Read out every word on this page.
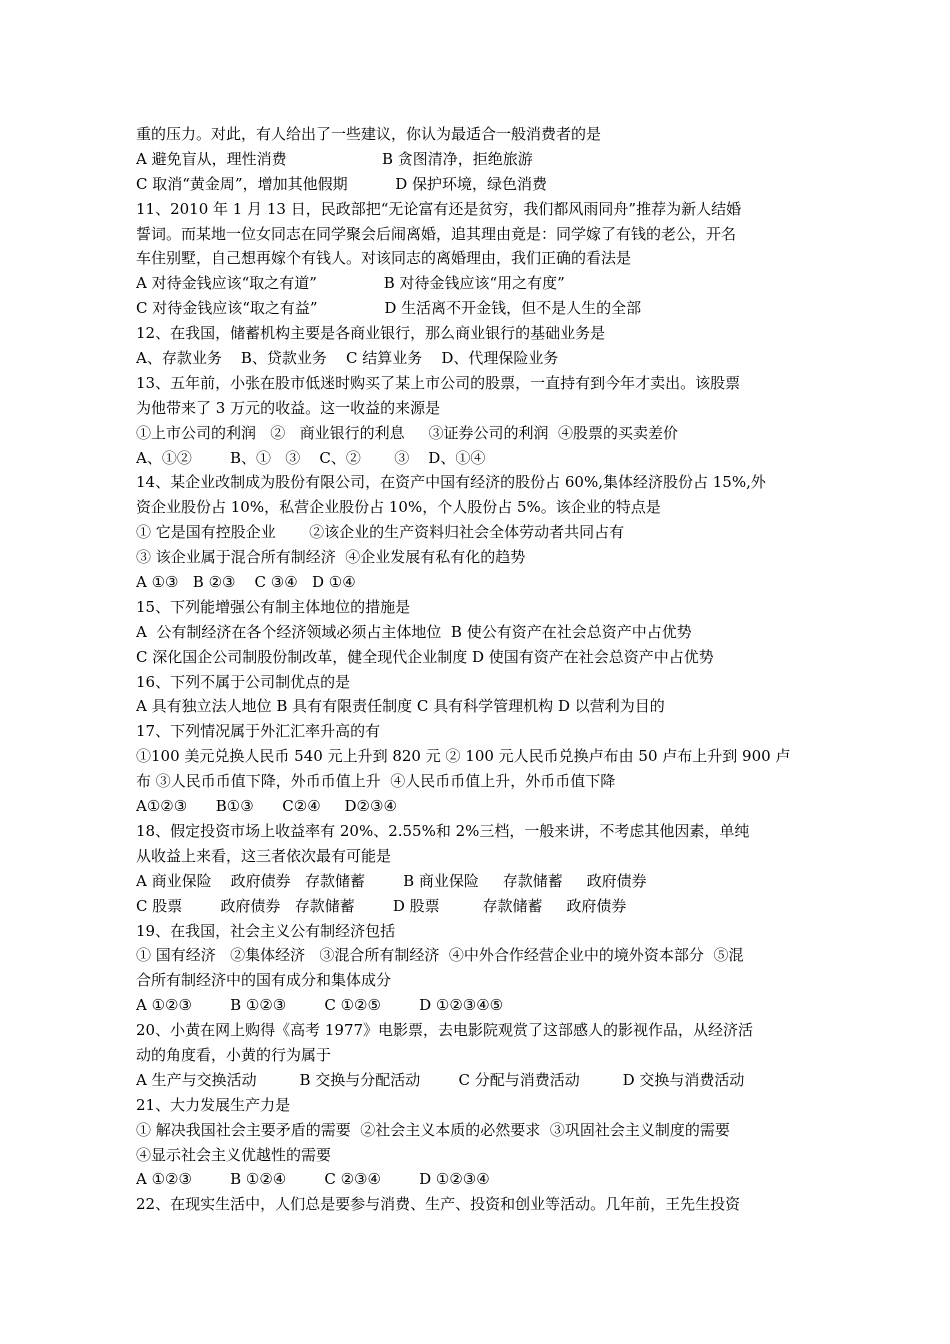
重的压力。对此，有人给出了一些建议，你认为最适合一般消费者的是
A 避免盲从，理性消费                    B 贪图清净，拒绝旅游
C 取消“黄金周”，增加其他假期          D 保护环境，绿色消费
11、2010 年 1 月 13 日，民政部把“无论富有还是贫穷，我们都风雨同舟”推荐为新人结婚
誓词。而某地一位女同志在同学聚会后闹离婚，追其理由竟是：同学嫁了有钱的老公，开名
车住别墅，自己想再嫁个有钱人。对该同志的离婚理由，我们正确的看法是
A 对待金钱应该“取之有道”              B 对待金钱应该“用之有度”
C 对待金钱应该“取之有益”              D 生活离不开金钱，但不是人生的全部
12、在我国，储蓄机构主要是各商业银行，那么商业银行的基础业务是
A、存款业务    B、贷款业务    C 结算业务    D、代理保险业务
13、五年前，小张在股市低迷时购买了某上市公司的股票，一直持有到今年才卖出。该股票
为他带来了 3 万元的收益。这一收益的来源是
①上市公司的利润   ②   商业银行的利息     ③证券公司的利润  ④股票的买卖差价
A、①②        B、①   ③    C、②       ③    D、①④
14、某企业改制成为股份有限公司，在资产中国有经济的股份占 60%,集体经济股份占 15%,外
资企业股份占 10%，私营企业股份占 10%，个人股份占 5%。该企业的特点是
① 它是国有控股企业       ②该企业的生产资料归社会全体劳动者共同占有
③ 该企业属于混合所有制经济  ④企业发展有私有化的趋势
A ①③   B ②③    C ③④   D ①④
15、下列能增强公有制主体地位的措施是
A  公有制经济在各个经济领域必须占主体地位  B 使公有资产在社会总资产中占优势
C 深化国企公司制股份制改革，健全现代企业制度 D 使国有资产在社会总资产中占优势
16、下列不属于公司制优点的是
A 具有独立法人地位 B 具有有限责任制度 C 具有科学管理机构 D 以营利为目的
17、下列情况属于外汇汇率升高的有
①100 美元兑换人民币 540 元上升到 820 元 ② 100 元人民币兑换卢布由 50 卢布上升到 900 卢
布 ③人民币币值下降，外币币值上升  ④人民币币值上升，外币币值下降
A①②③      B①③      C②④     D②③④
18、假定投资市场上收益率有 20%、2.55%和 2%三档，一般来讲，不考虑其他因素，单纯
从收益上来看，这三者依次最有可能是
A 商业保险    政府债券   存款储蓄        B 商业保险     存款储蓄     政府债券
C 股票        政府债券   存款储蓄        D 股票         存款储蓄     政府债券
19、在我国，社会主义公有制经济包括
① 国有经济   ②集体经济   ③混合所有制经济  ④中外合作经营企业中的境外资本部分  ⑤混
合所有制经济中的国有成分和集体成分
A ①②③        B ①②③        C ①②⑤        D ①②③④⑤
20、小黄在网上购得《高考 1977》电影票，去电影院观赏了这部感人的影视作品，从经济活
动的角度看，小黄的行为属于
A 生产与交换活动         B 交换与分配活动        C 分配与消费活动         D 交换与消费活动
21、大力发展生产力是
① 解决我国社会主要矛盾的需要  ②社会主义本质的必然要求  ③巩固社会主义制度的需要
④显示社会主义优越性的需要
A ①②③        B ①②④        C ②③④        D ①②③④
22、在现实生活中，人们总是要参与消费、生产、投资和创业等活动。几年前，王先生投资
